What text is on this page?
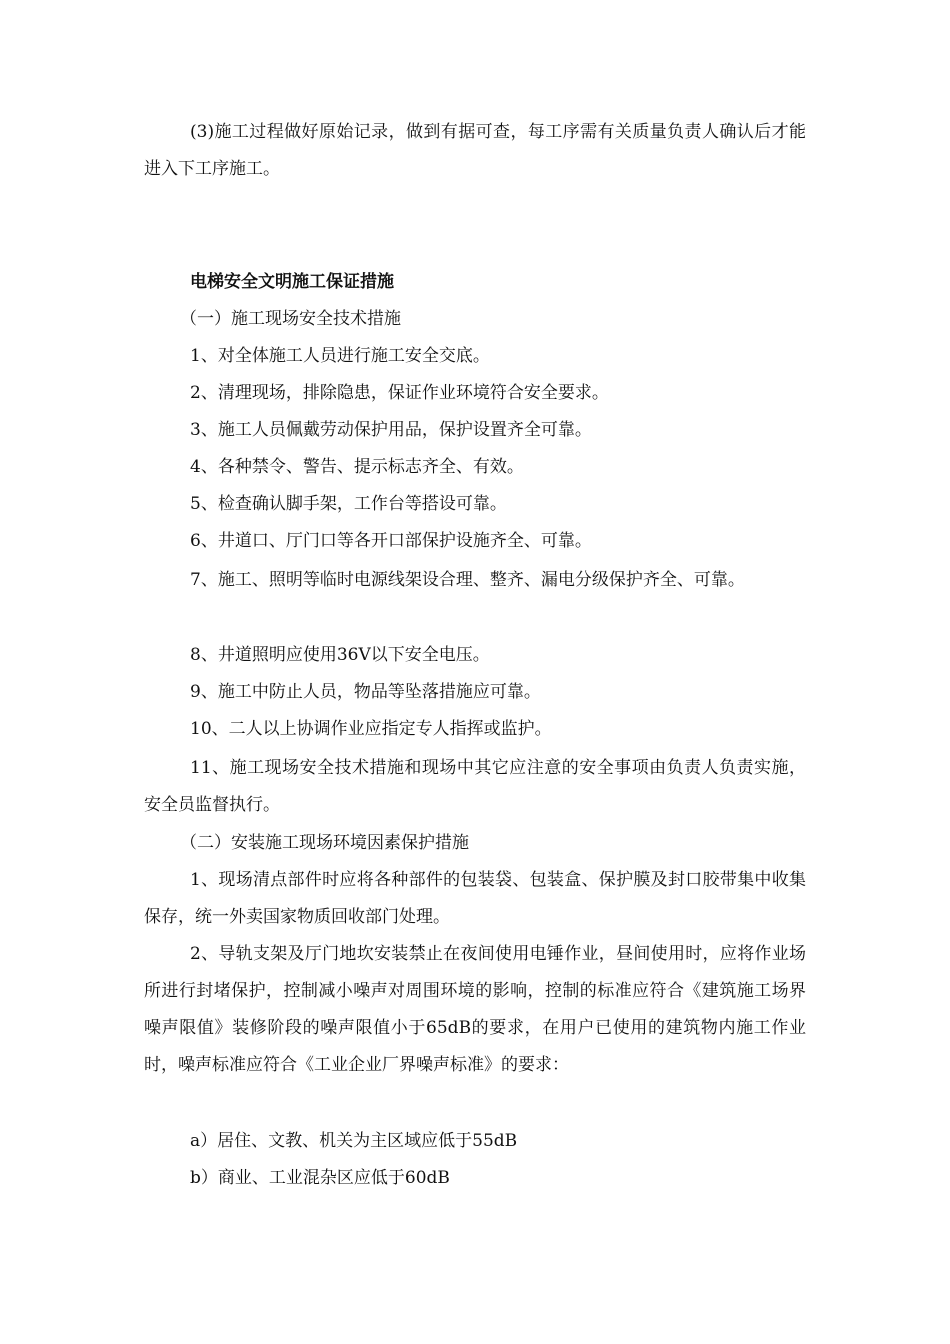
(3)施工过程做好原始记录，做到有据可查，每工序需有关质量负责人确认后才能进入下工序施工。

电梯安全文明施工保证措施

（一）施工现场安全技术措施

1、对全体施工人员进行施工安全交底。

2、清理现场，排除隐患，保证作业环境符合安全要求。

3、施工人员佩戴劳动保护用品，保护设置齐全可靠。

4、各种禁令、警告、提示标志齐全、有效。

5、检查确认脚手架，工作台等搭设可靠。

6、井道口、厅门口等各开口部保护设施齐全、可靠。

7、施工、照明等临时电源线架设合理、整齐、漏电分级保护齐全、可靠。

8、井道照明应使用36V以下安全电压。

9、施工中防止人员，物品等坠落措施应可靠。

10、二人以上协调作业应指定专人指挥或监护。

11、施工现场安全技术措施和现场中其它应注意的安全事项由负责人负责实施，安全员监督执行。

（二）安装施工现场环境因素保护措施

1、现场清点部件时应将各种部件的包装袋、包装盒、保护膜及封口胶带集中收集保存，统一外卖国家物质回收部门处理。

2、导轨支架及厅门地坎安装禁止在夜间使用电锤作业，昼间使用时，应将作业场所进行封堵保护，控制减小噪声对周围环境的影响，控制的标准应符合《建筑施工场界噪声限值》装修阶段的噪声限值小于65dB的要求，在用户已使用的建筑物内施工作业时，噪声标准应符合《工业企业厂界噪声标准》的要求：

a）居住、文教、机关为主区域应低于55dB

b）商业、工业混杂区应低于60dB
